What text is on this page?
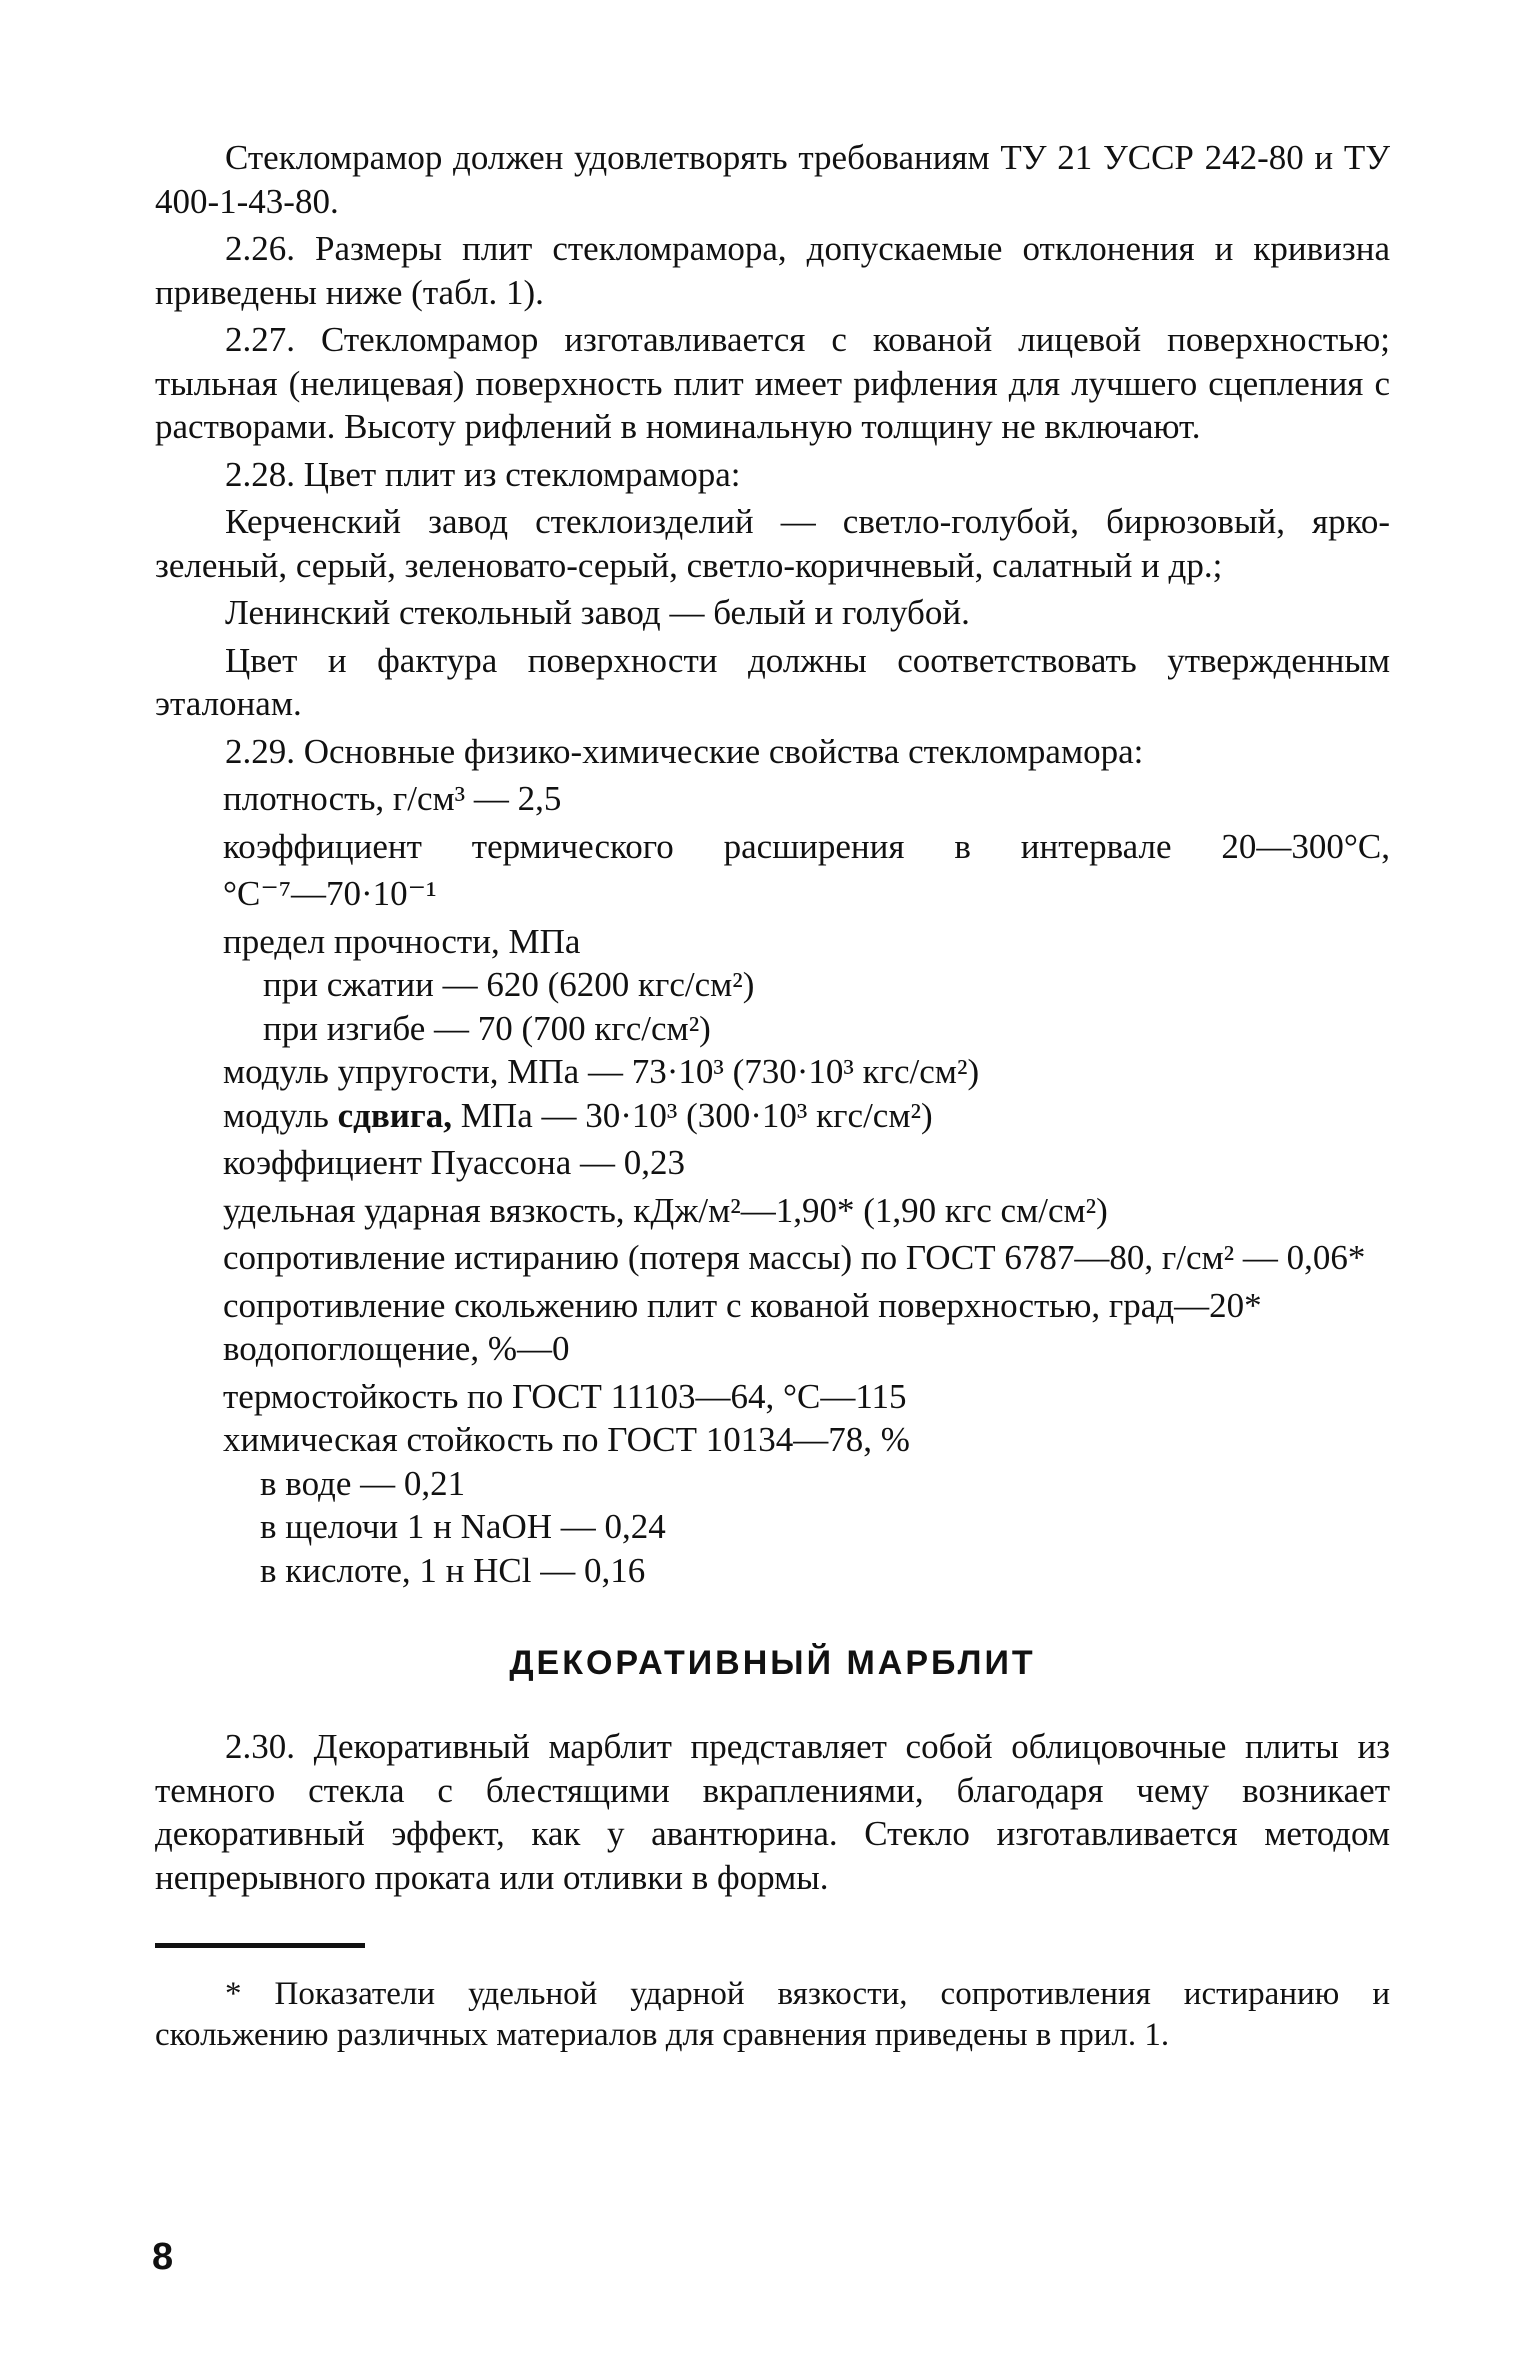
Стекломрамор должен удовлетворять требованиям ТУ 21 УССР 242-80 и ТУ 400-1-43-80.

2.26. Размеры плит стекломрамора, допускаемые отклонения и кривизна приведены ниже (табл. 1).

2.27. Стекломрамор изготавливается с кованой лицевой поверхностью; тыльная (нелицевая) поверхность плит имеет рифления для лучшего сцепления с растворами. Высоту рифлений в номинальную толщину не включают.

2.28. Цвет плит из стекломрамора:

Керченский завод стеклоизделий — светло-голубой, бирюзовый, ярко-зеленый, серый, зеленовато-серый, светло-коричневый, салатный и др.;

Ленинский стекольный завод — белый и голубой.

Цвет и фактура поверхности должны соответствовать утвержденным эталонам.

2.29. Основные физико-химические свойства стекломрамора:

плотность, г/см³ — 2,5

коэффициент термического расширения в интервале 20—300°C,

°С⁻⁷—70·10⁻¹

предел прочности, МПа

при сжатии — 620 (6200 кгс/см²)

при изгибе — 70 (700 кгс/см²)

модуль упругости, МПа — 73·10³ (730·10³ кгс/см²)

модуль сдвига, МПа — 30·10³ (300·10³ кгс/см²)

коэффициент Пуассона — 0,23

удельная ударная вязкость, кДж/м²—1,90* (1,90 кгс см/см²)

сопротивление истиранию (потеря массы) по ГОСТ 6787—80, г/см² — 0,06*

сопротивление скольжению плит с кованой поверхностью, град—20*

водопоглощение, %—0

термостойкость по ГОСТ 11103—64, °С—115

химическая стойкость по ГОСТ 10134—78, %

в воде — 0,21

в щелочи 1 н NaOH — 0,24

в кислоте, 1 н HCl — 0,16

ДЕКОРАТИВНЫЙ МАРБЛИТ

2.30. Декоративный марблит представляет собой облицовочные плиты из темного стекла с блестящими вкраплениями, благодаря чему возникает декоративный эффект, как у авантюрина. Стекло изготавливается методом непрерывного проката или отливки в формы.

* Показатели удельной ударной вязкости, сопротивления истиранию и скольжению различных материалов для сравнения приведены в прил. 1.

8
